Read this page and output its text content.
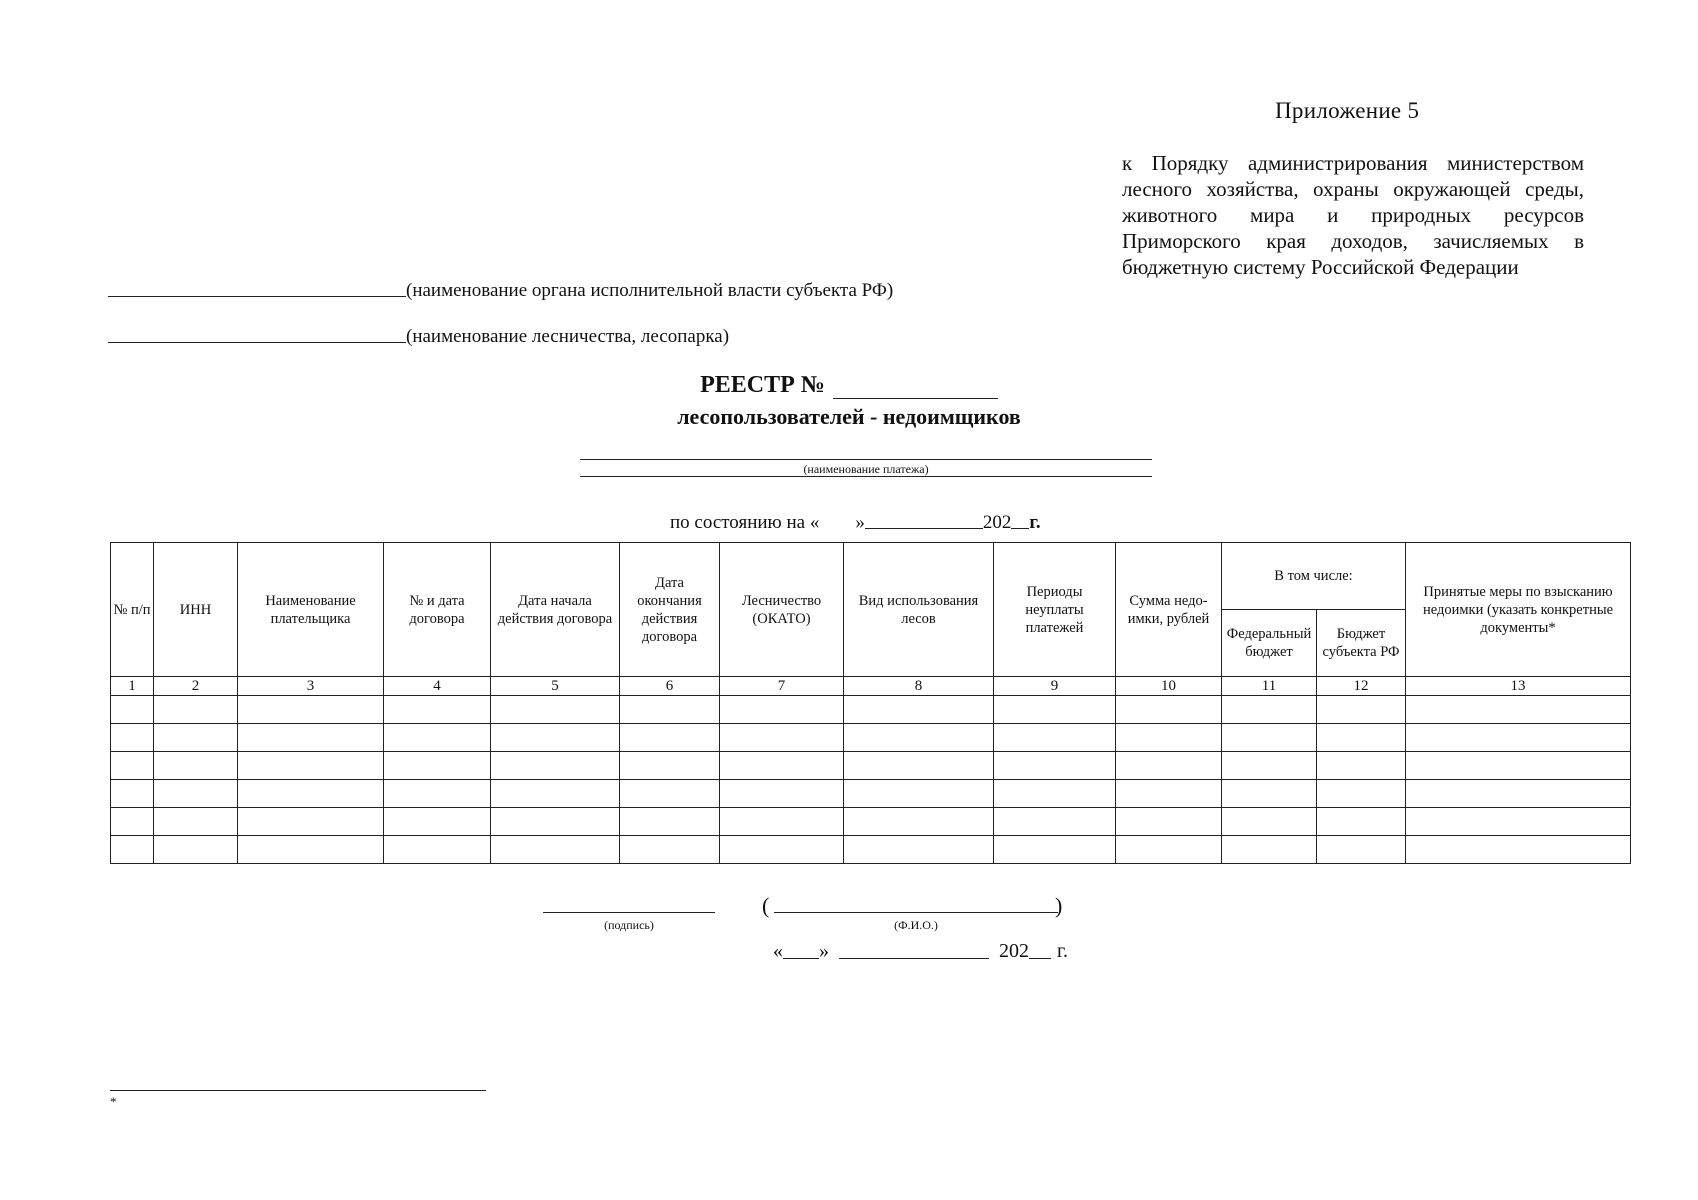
Приложение 5
к Порядку администрирования министерством лесного хозяйства, охраны окружающей среды, животного мира и природных ресурсов Приморского края доходов, зачисляемых в бюджетную систему Российской Федерации
(наименование органа исполнительной власти субъекта РФ)
(наименование лесничества, лесопарка)
РЕЕСТР №
лесопользователей - недоимщиков
(наименование платежа)
по состоянию на « »	202 г.
№ п/п	ИНН	Наименование плательщика	№ и дата договора	Дата начала действия договора	Дата окончания действия договора	Лесничество (ОКАТО)	Вид использования лесов	Периоды неуплаты платежей	Сумма недо-имки, рублей	В том числе:		Принятые меры по взысканию недоимки (указать конкретные документы*
										Федеральный бюджет	Бюджет субъекта РФ	
1	2	3	4	5	6	7	8	9	10	11	12	13

(подпись)
(	)
(Ф.И.О.)
« »	202 г.
*
